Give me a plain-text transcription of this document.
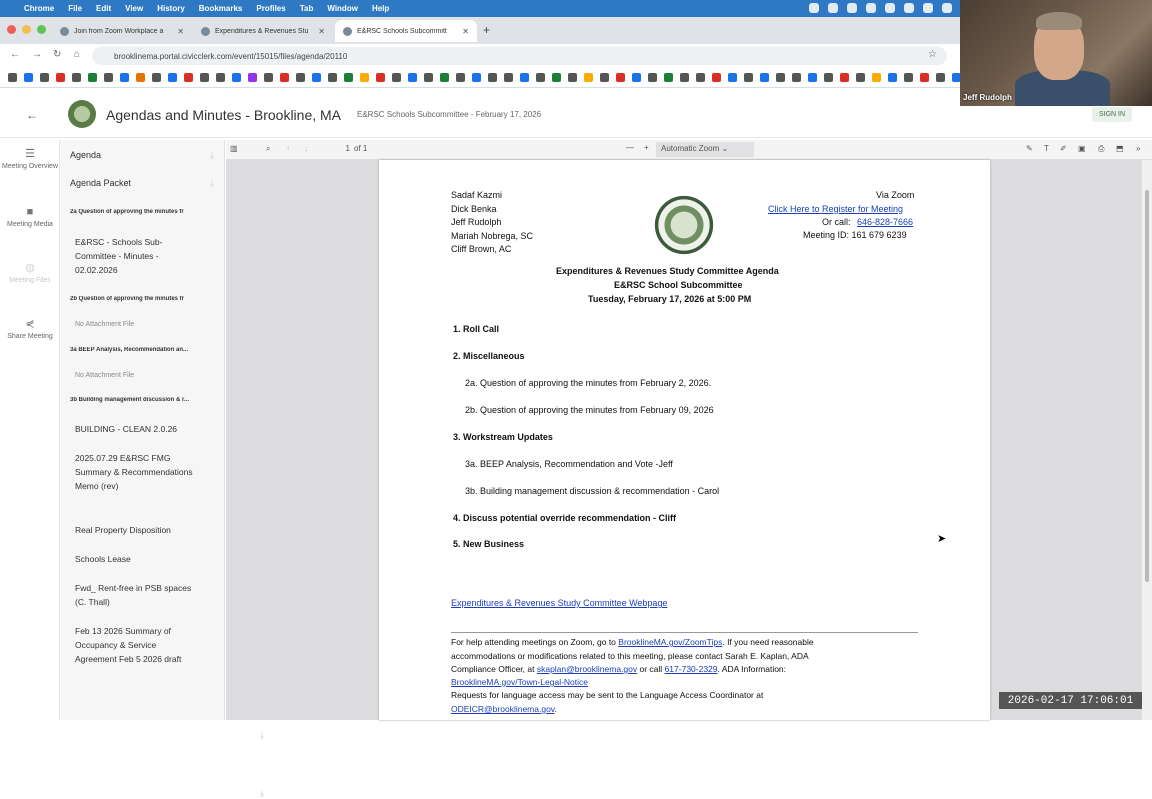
Chrome File Edit View History Bookmarks Profiles Tab Window Help
Join from Zoom Workplace a	✕	Expenditures & Revenues Stu	✕	E&RSC Schools Subcommitt	✕ +
← → ↻ ⌂	brooklinema.portal.civicclerk.com/event/15015/files/agenda/20110	☆
←	Agendas and Minutes - Brookline, MA E&RSC Schools Subcommittee - February 17, 2026	SIGN IN
☰
Meeting Overview
■
Meeting Media
◍
Meeting Files
⋞
Share Meeting
Agenda	⤓
Agenda Packet	⤓
2a Question of approving the minutes fr
E&RSC - Schools Sub-Committee - Minutes - 02.02.2026
2b Question of approving the minutes fr
No Attachment File
3a BEEP Analysis, Recommendation an...
No Attachment File
3b Building management discussion & r...
BUILDING - CLEAN 2.0.26
2025.07.29 E&RSC FMG Summary & Recommendations Memo (rev)
Real Property Disposition
Schools Lease
Fwd_ Rent-free in PSB spaces (C. Thall)
⤓
Feb 13 2026 Summary of Occupancy & Service Agreement Feb 5 2026 draft
⤓
▥	⌕ ↑ ↓	1 of 1	— +	Automatic Zoom ⌄	✎ T ✐ ▣ ⎙ ⬒ »
Sadaf Kazmi
Dick Benka
Jeff Rudolph
Mariah Nobrega, SC
Cliff Brown, AC
Via Zoom
Click Here to Register for Meeting
Or call: 646-828-7666
Meeting ID: 161 679 6239
Expenditures & Revenues Study Committee Agenda
E&RSC School Subcommittee
Tuesday, February 17, 2026 at 5:00 PM
1. Roll Call
2. Miscellaneous
2a. Question of approving the minutes from February 2, 2026.
2b. Question of approving the minutes from February 09, 2026
3. Workstream Updates
3a. BEEP Analysis, Recommendation and Vote -Jeff
3b. Building management discussion & recommendation - Carol
4. Discuss potential override recommendation - Cliff
5. New Business
Expenditures & Revenues Study Committee Webpage
For help attending meetings on Zoom, go to BrooklineMA.gov/ZoomTips. If you need reasonable
accommodations or modifications related to this meeting, please contact Sarah E. Kaplan, ADA
Compliance Officer, at skaplan@brooklinema.gov or call 617-730-2329. ADA Information:
BrooklineMA.gov/Town-Legal-Notice
Requests for language access may be sent to the Language Access Coordinator at
ODEICR@brooklinema.gov.
➤
Jeff Rudolph
2026-02-17 17:06:01
